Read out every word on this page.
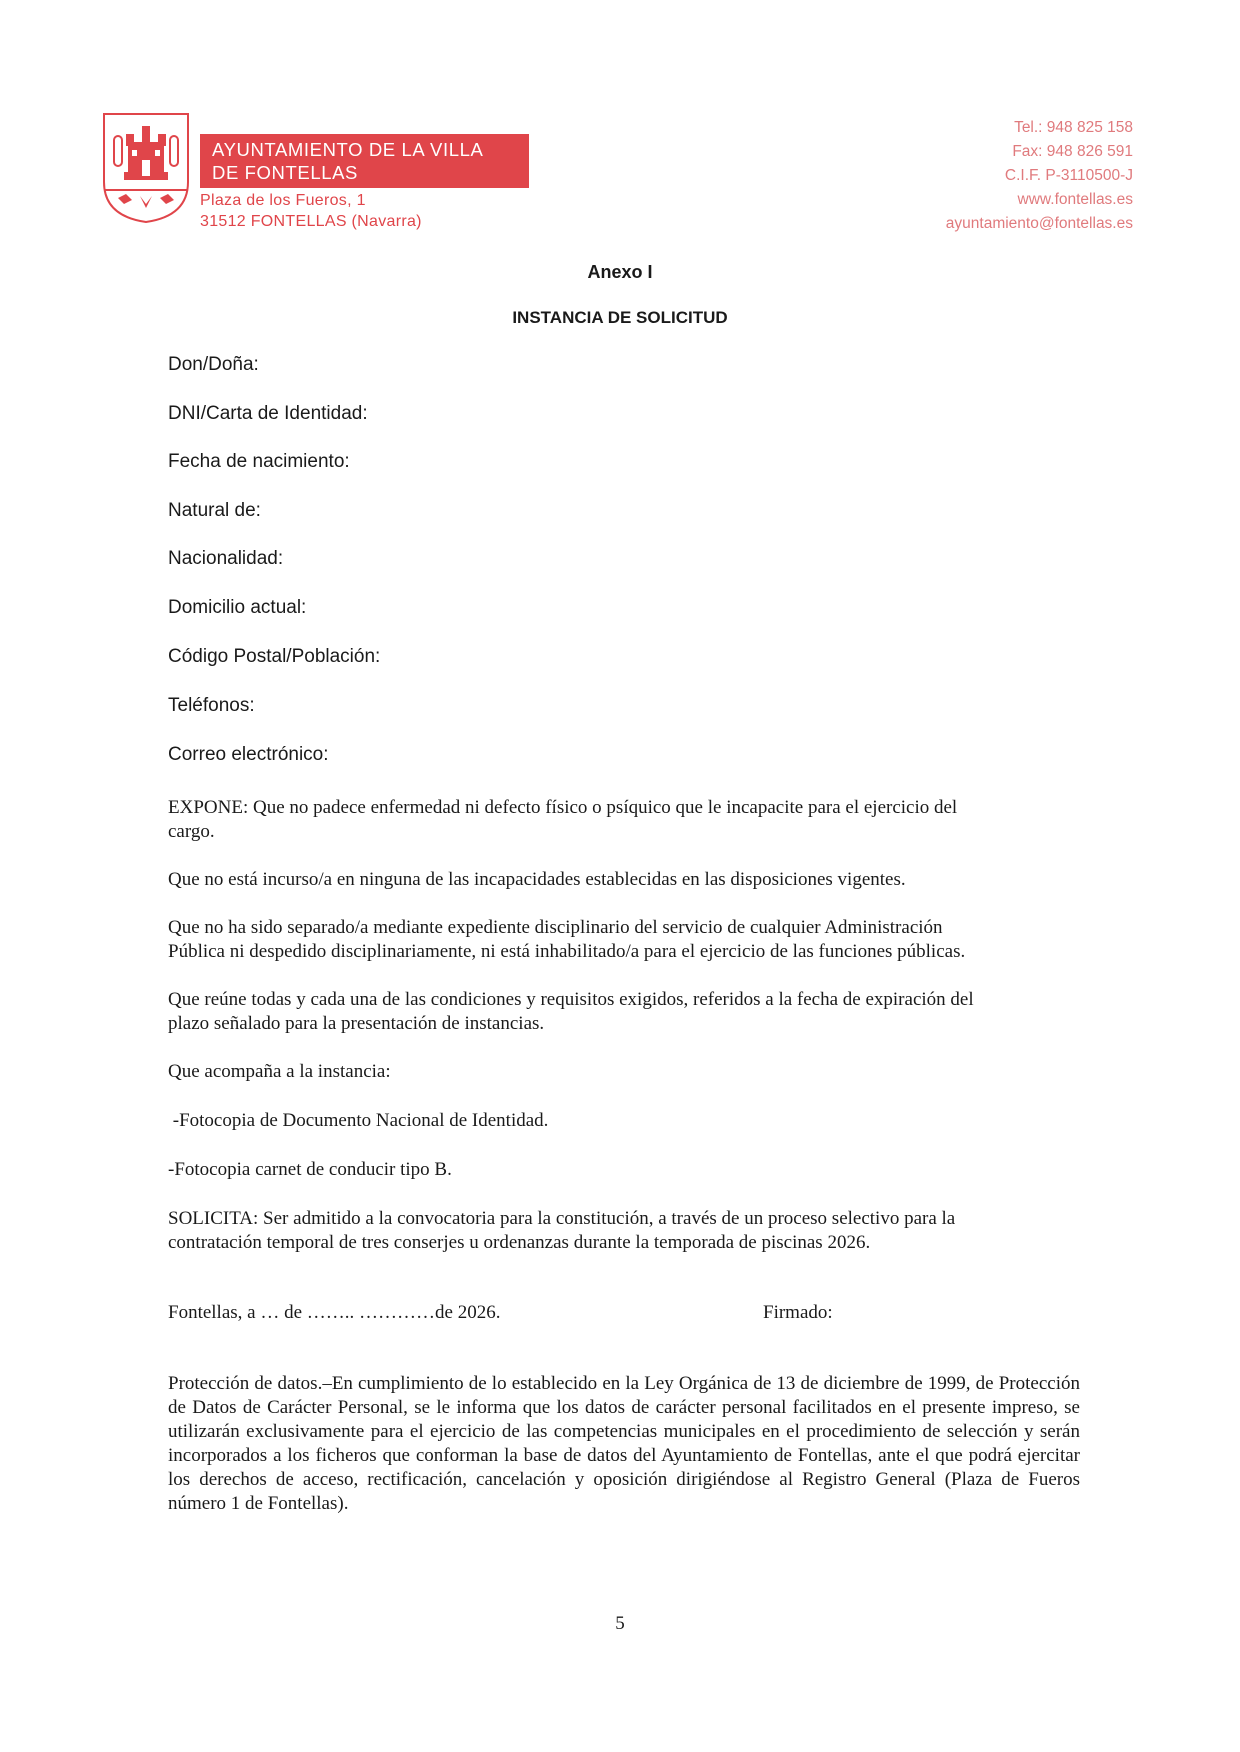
AYUNTAMIENTO DE LA VILLA
DE FONTELLAS
Plaza de los Fueros, 1
31512 FONTELLAS (Navarra)
Tel.: 948 825 158
Fax: 948 826 591
C.I.F. P-3110500-J
www.fontellas.es
ayuntamiento@fontellas.es
Anexo I
INSTANCIA DE SOLICITUD
Don/Doña:
DNI/Carta de Identidad:
Fecha de nacimiento:
Natural de:
Nacionalidad:
Domicilio actual:
Código Postal/Población:
Teléfonos:
Correo electrónico:

EXPONE: Que no padece enfermedad ni defecto físico o psíquico que le incapacite para el ejercicio del

cargo.

Que no está incurso/a en ninguna de las incapacidades establecidas en las disposiciones vigentes.

Que no ha sido separado/a mediante expediente disciplinario del servicio de cualquier Administración

Pública ni despedido disciplinariamente, ni está inhabilitado/a para el ejercicio de las funciones públicas.

Que reúne todas y cada una de las condiciones y requisitos exigidos, referidos a la fecha de expiración del

plazo señalado para la presentación de instancias.

Que acompaña a la instancia:

-Fotocopia de Documento Nacional de Identidad.

-Fotocopia carnet de conducir tipo B.

SOLICITA: Ser admitido a la convocatoria para la constitución, a través de un proceso selectivo para la

contratación temporal de tres conserjes u ordenanzas durante la temporada de piscinas 2026.

Fontellas, a … de …….. …………de 2026.	Firmado:
Protección de datos.–En cumplimiento de lo establecido en la Ley Orgánica de 13 de diciembre de 1999, de Protección de Datos de Carácter Personal, se le informa que los datos de carácter personal facilitados en el presente impreso, se utilizarán exclusivamente para el ejercicio de las competencias municipales en el procedimiento de selección y serán incorporados a los ficheros que conforman la base de datos del Ayuntamiento de Fontellas, ante el que podrá ejercitar los derechos de acceso, rectificación, cancelación y oposición dirigiéndose al Registro General (Plaza de Fueros número 1 de Fontellas).
5
